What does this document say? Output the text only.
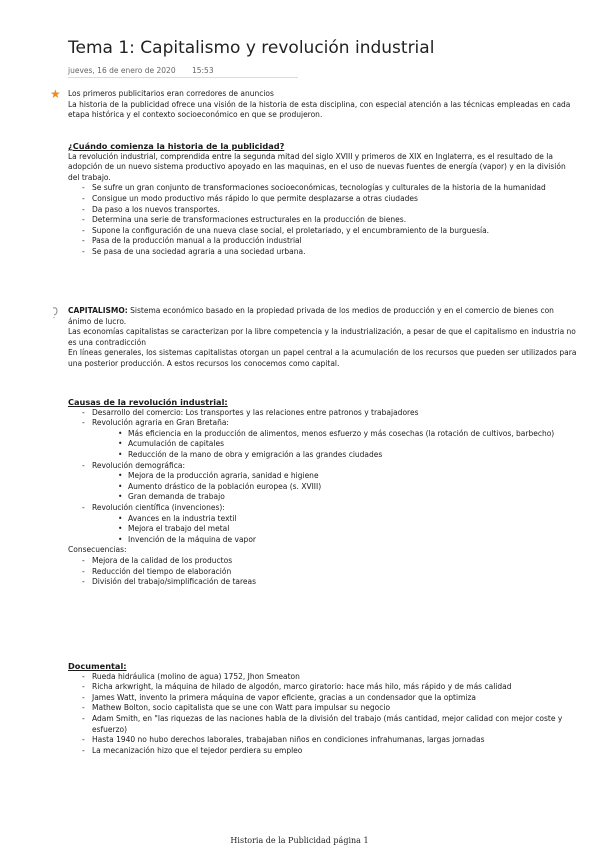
Tema 1: Capitalismo y revolución industrial
jueves, 16 de enero de 2020 15:53
★ Los primeros publicitarios eran corredores de anuncios

La historia de la publicidad ofrece una visión de la historia de esta disciplina, con especial atención a las técnicas empleadas en cada etapa histórica y el contexto socioeconómico en que se produjeron.

¿Cuándo comienza la historia de la publicidad?

La revolución industrial, comprendida entre la segunda mitad del siglo XVIII y primeros de XIX en Inglaterra, es el resultado de la adopción de un nuevo sistema productivo apoyado en las maquinas, en el uso de nuevas fuentes de energía (vapor) y en la división del trabajo.

- Se sufre un gran conjunto de transformaciones socioeconómicas, tecnologías y culturales de la historia de la humanidad
- Consigue un modo productivo más rápido lo que permite desplazarse a otras ciudades
- Da paso a los nuevos transportes.
- Determina una serie de transformaciones estructurales en la producción de bienes.
- Supone la configuración de una nueva clase social, el proletariado, y el encumbramiento de la burguesía.
- Pasa de la producción manual a la producción industrial
- Se pasa de una sociedad agraria a una sociedad urbana.

CAPITALISMO: Sistema económico basado en la propiedad privada de los medios de producción y en el comercio de bienes con ánimo de lucro.

Las economías capitalistas se caracterizan por la libre competencia y la industrialización, a pesar de que el capitalismo en industria no es una contradicción

En líneas generales, los sistemas capitalistas otorgan un papel central a la acumulación de los recursos que pueden ser utilizados para una posterior producción. A estos recursos los conocemos como capital.

Causas de la revolución industrial:

- Desarrollo del comercio: Los transportes y las relaciones entre patronos y trabajadores
- Revolución agraria en Gran Bretaña:
• Más eficiencia en la producción de alimentos, menos esfuerzo y más cosechas (la rotación de cultivos, barbecho)
• Acumulación de capitales
• Reducción de la mano de obra y emigración a las grandes ciudades
- Revolución demográfica:
• Mejora de la producción agraria, sanidad e higiene
• Aumento drástico de la población europea (s. XVIII)
• Gran demanda de trabajo
- Revolución científica (invenciones):
• Avances en la industria textil
• Mejora el trabajo del metal
• Invención de la máquina de vapor

Consecuencias:

- Mejora de la calidad de los productos
- Reducción del tiempo de elaboración
- División del trabajo/simplificación de tareas

Documental:

- Rueda hidráulica (molino de agua) 1752, Jhon Smeaton
- Richa arkwright, la máquina de hilado de algodón, marco giratorio: hace más hilo, más rápido y de más calidad
- James Watt, invento la primera máquina de vapor eficiente, gracias a un condensador que la optimiza
- Mathew Bolton, socio capitalista que se une con Watt para impulsar su negocio
- Adam Smith, en "las riquezas de las naciones habla de la división del trabajo (más cantidad, mejor calidad con mejor coste y esfuerzo)
- Hasta 1940 no hubo derechos laborales, trabajaban niños en condiciones infrahumanas, largas jornadas
- La mecanización hizo que el tejedor perdiera su empleo
Historia de la Publicidad página 1
